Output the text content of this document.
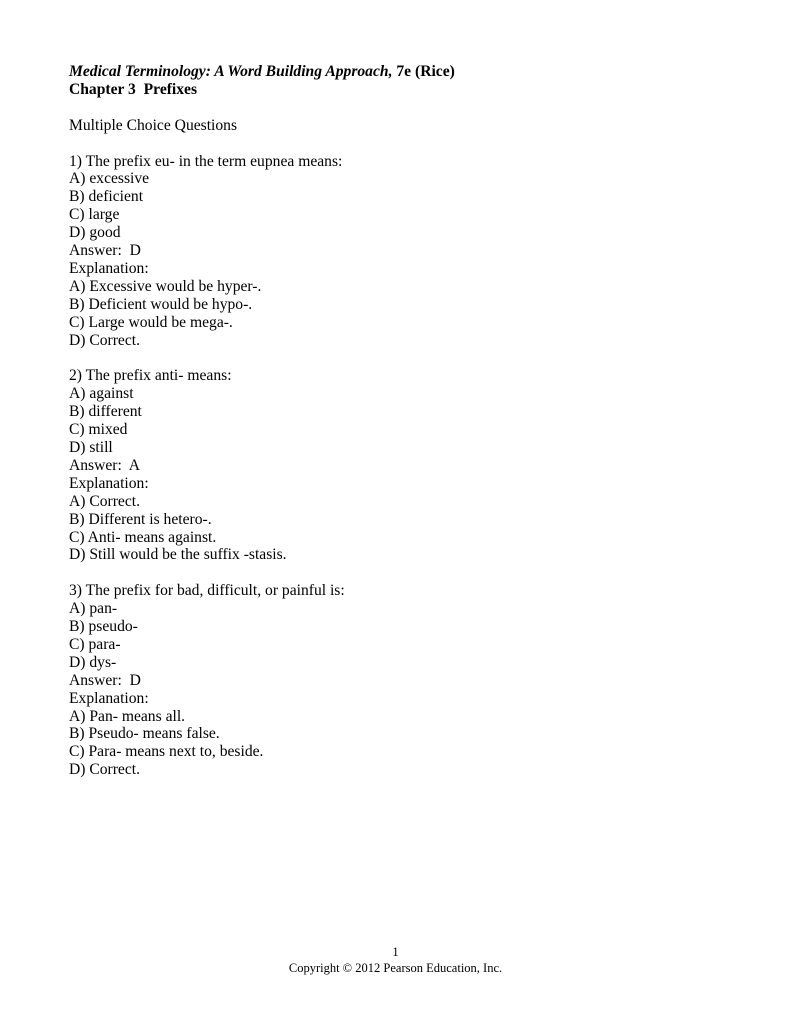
Medical Terminology: A Word Building Approach, 7e (Rice)

Chapter 3  Prefixes

Multiple Choice Questions

1) The prefix eu- in the term eupnea means:

A) excessive

B) deficient

C) large

D) good

Answer:  D

Explanation:

A) Excessive would be hyper-.

B) Deficient would be hypo-.

C) Large would be mega-.

D) Correct.

2) The prefix anti- means:

A) against

B) different

C) mixed

D) still

Answer:  A

Explanation:

A) Correct.

B) Different is hetero-.

C) Anti- means against.

D) Still would be the suffix -stasis.

3) The prefix for bad, difficult, or painful is:

A) pan-

B) pseudo-

C) para-

D) dys-

Answer:  D

Explanation:

A) Pan- means all.

B) Pseudo- means false.

C) Para- means next to, beside.

D) Correct.

1
Copyright © 2012 Pearson Education, Inc.
